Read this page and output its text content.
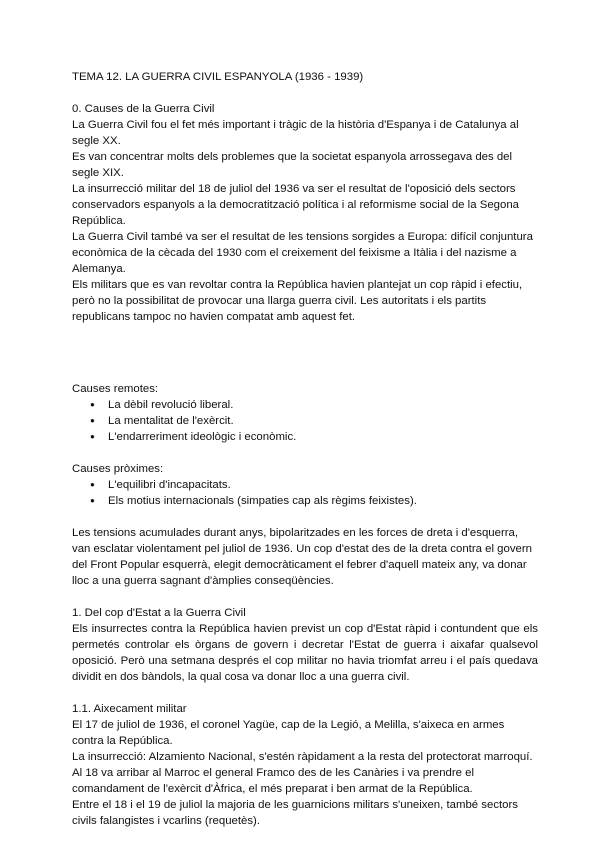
TEMA 12. LA GUERRA CIVIL ESPANYOLA (1936 - 1939)

0. Causes de la Guerra Civil

La Guerra Civil fou el fet més important i tràgic de la història d'Espanya i de Catalunya al segle XX.

Es van concentrar molts dels problemes que la societat espanyola arrossegava des del segle XIX.

La insurrecció militar del 18 de juliol del 1936 va ser el resultat de l'oposició dels sectors conservadors espanyols a la democratització política i al reformisme social de la Segona República.

La Guerra Civil també va ser el resultat de les tensions sorgides a Europa: difícil conjuntura econòmica de la cècada del 1930 com el creixement del feixisme a Itàlia i del nazisme a Alemanya.

Els militars que es van revoltar contra la República havien plantejat un cop ràpid i efectiu, però no la possibilitat de provocar una llarga guerra civil. Les autoritats i els partits republicans tampoc no havien compatat amb aquest fet.

Causes remotes:

● La dèbil revolució liberal.
● La mentalitat de l'exèrcit.
● L'endarreriment ideològic i econòmic.

Causes pròximes:

● L'equilibri d'incapacitats.
● Els motius internacionals (simpaties cap als règims feixistes).

Les tensions acumulades durant anys, bipolaritzades en les forces de dreta i d'esquerra, van esclatar violentament pel juliol de 1936. Un cop d'estat des de la dreta contra el govern del Front Popular esquerrà, elegit democràticament el febrer d'aquell mateix any, va donar lloc a una guerra sagnant d'àmplies conseqüències.

1. Del cop d'Estat a la Guerra Civil

Els insurrectes contra la República havien previst un cop d'Estat ràpid i contundent que els permetés controlar els òrgans de govern i decretar l'Estat de guerra i aixafar qualsevol oposició. Però una setmana després el cop militar no havia triomfat arreu i el país quedava dividit en dos bàndols, la qual cosa va donar lloc a una guerra civil.

1.1. Aixecament militar

El 17 de juliol de 1936, el coronel Yagüe, cap de la Legió, a Melilla, s'aixeca en armes contra la República.

La insurrecció: Alzamiento Nacional, s'estén ràpidament a la resta del protectorat marroquí.

Al 18 va arribar al Marroc el general Framco des de les Canàries i va prendre el comandament de l'exèrcit d'Àfrica, el més preparat i ben armat de la República.

Entre el 18 i el 19 de juliol la majoria de les guarnicions militars s'uneixen, també sectors civils falangistes i vcarlins (requetès).
